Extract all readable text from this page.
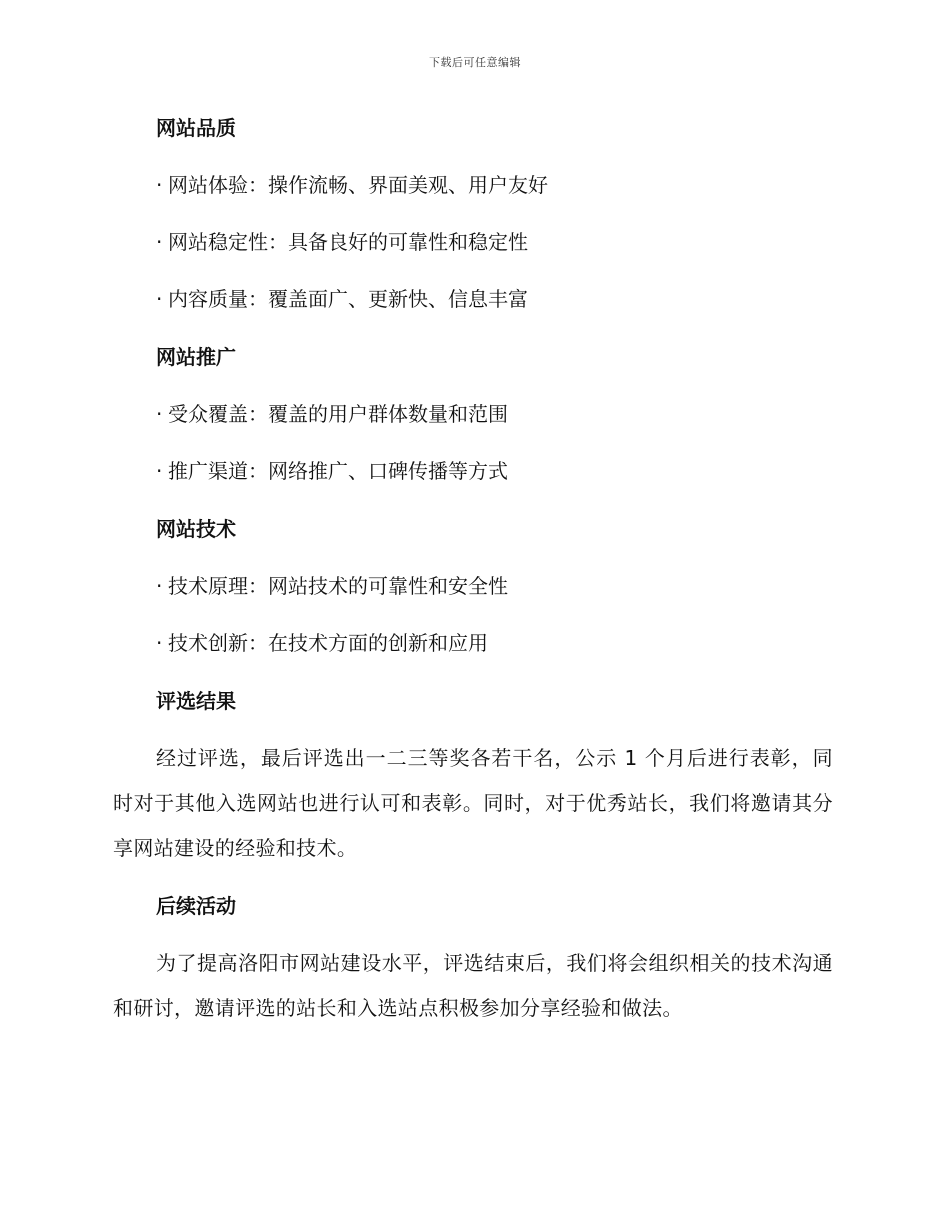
下载后可任意编辑
网站品质
· 网站体验：操作流畅、界面美观、用户友好
· 网站稳定性：具备良好的可靠性和稳定性
· 内容质量：覆盖面广、更新快、信息丰富
网站推广
· 受众覆盖：覆盖的用户群体数量和范围
· 推广渠道：网络推广、口碑传播等方式
网站技术
· 技术原理：网站技术的可靠性和安全性
· 技术创新：在技术方面的创新和应用
评选结果

经过评选，最后评选出一二三等奖各若干名，公示 1 个月后进行表彰，同时对于其他入选网站也进行认可和表彰。同时，对于优秀站长，我们将邀请其分享网站建设的经验和技术。

后续活动

为了提高洛阳市网站建设水平，评选结束后，我们将会组织相关的技术沟通和研讨，邀请评选的站长和入选站点积极参加分享经验和做法。
